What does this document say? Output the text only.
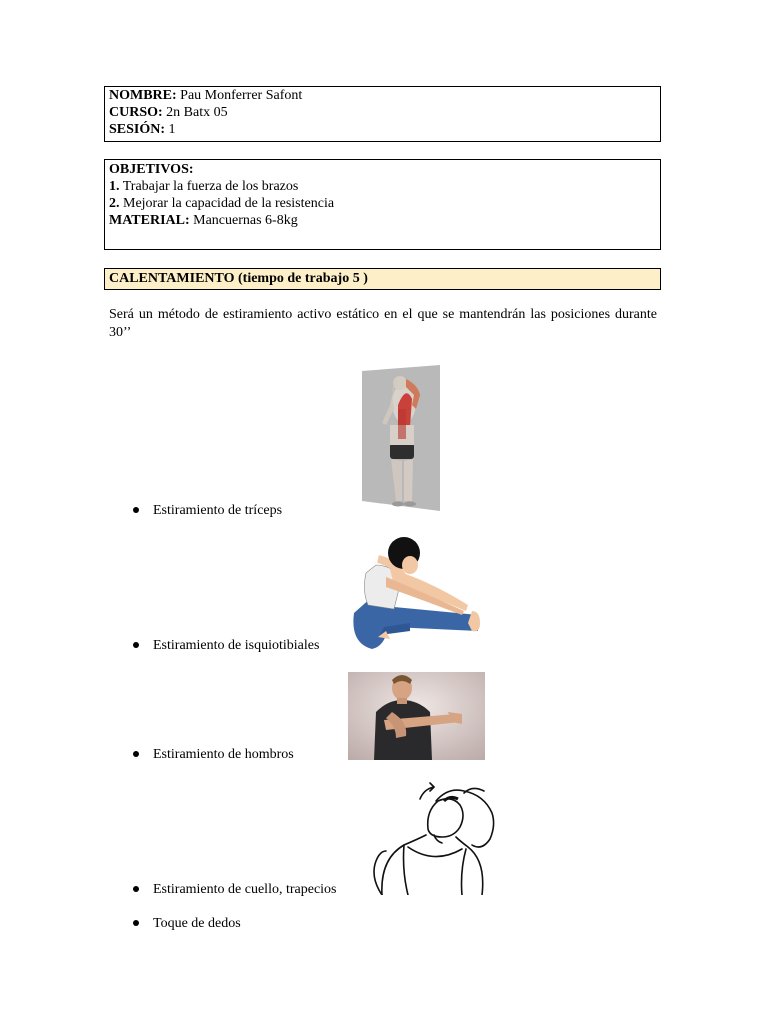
NOMBRE: Pau Monferrer Safont
CURSO: 2n Batx 05
SESIÓN: 1
OBJETIVOS:
1. Trabajar la fuerza de los brazos
2. Mejorar la capacidad de la resistencia
MATERIAL: Mancuernas 6-8kg
CALENTAMIENTO (tiempo de trabajo 5 )
Será un método de estiramiento activo estático en el que se mantendrán las posiciones durante 30’’
Estiramiento de tríceps
Estiramiento de isquiotibiales
Estiramiento de hombros
Estiramiento de cuello, trapecios
Toque de dedos
